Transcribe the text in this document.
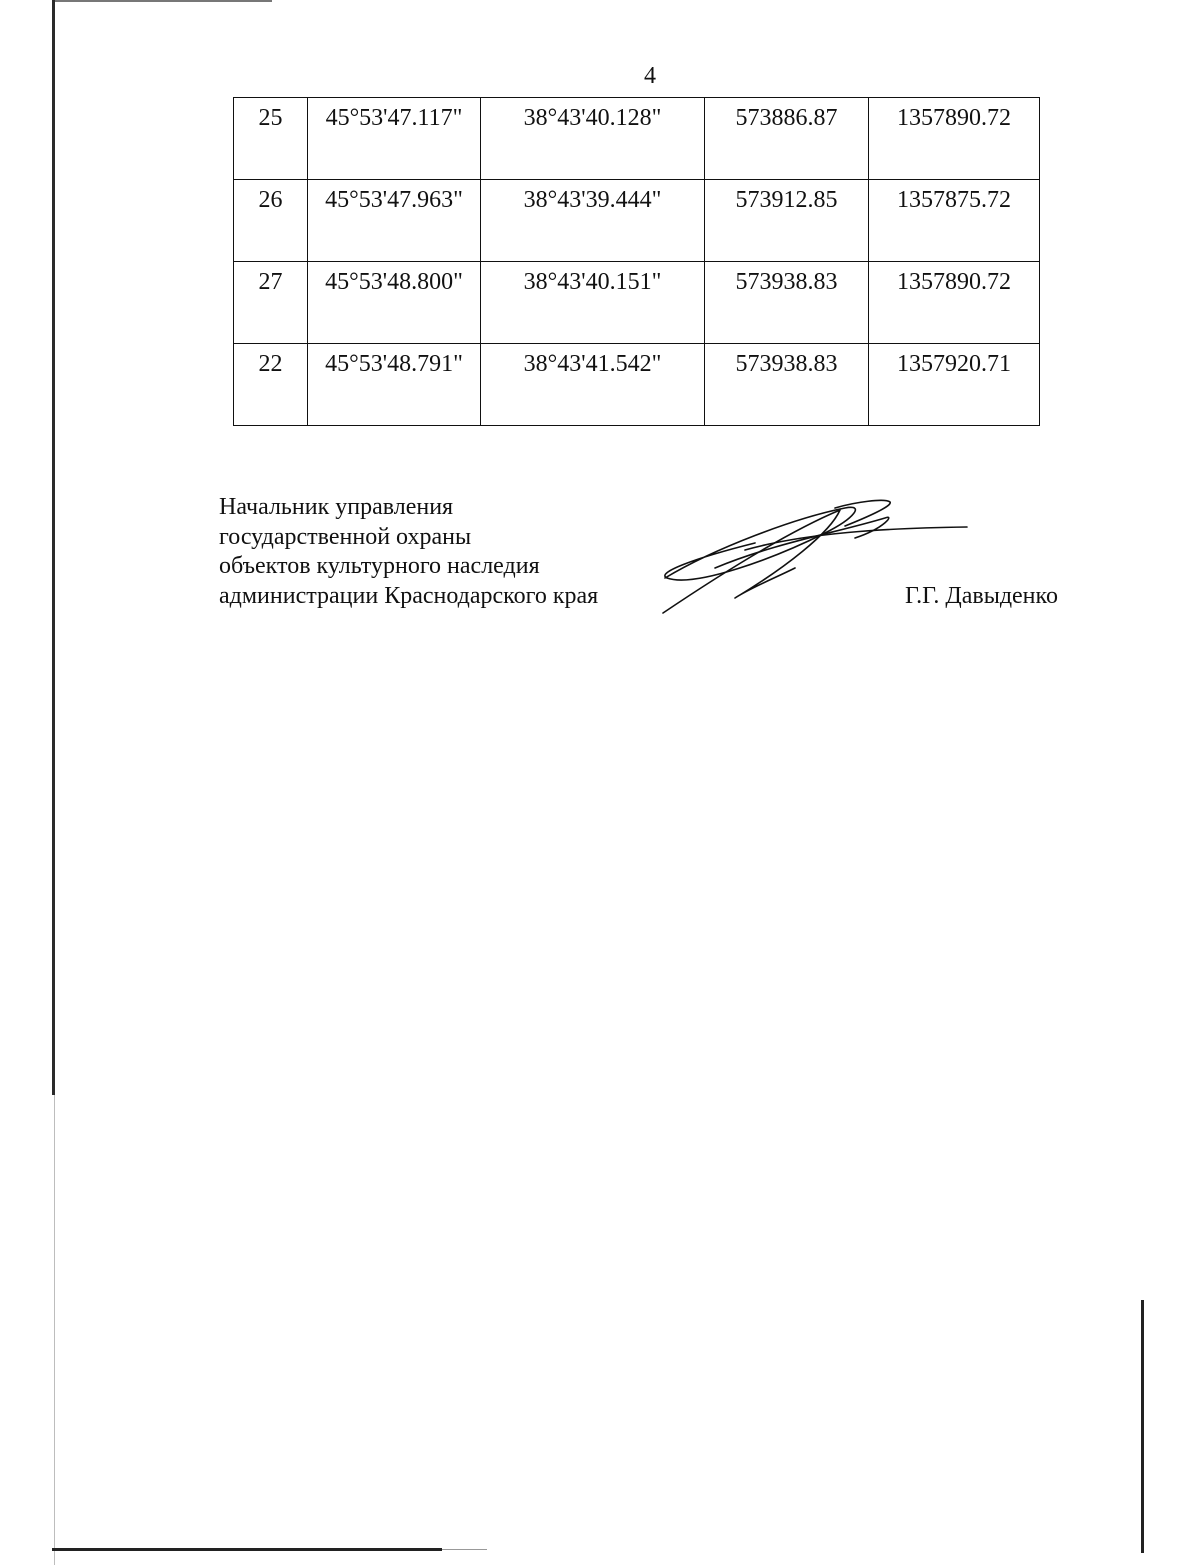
4
25	45°53'47.117"	38°43'40.128"	573886.87	1357890.72
26	45°53'47.963"	38°43'39.444"	573912.85	1357875.72
27	45°53'48.800"	38°43'40.151"	573938.83	1357890.72
22	45°53'48.791"	38°43'41.542"	573938.83	1357920.71
Начальник управления
государственной охраны
объектов культурного наследия
администрации Краснодарского края	Г.Г. Давыденко
